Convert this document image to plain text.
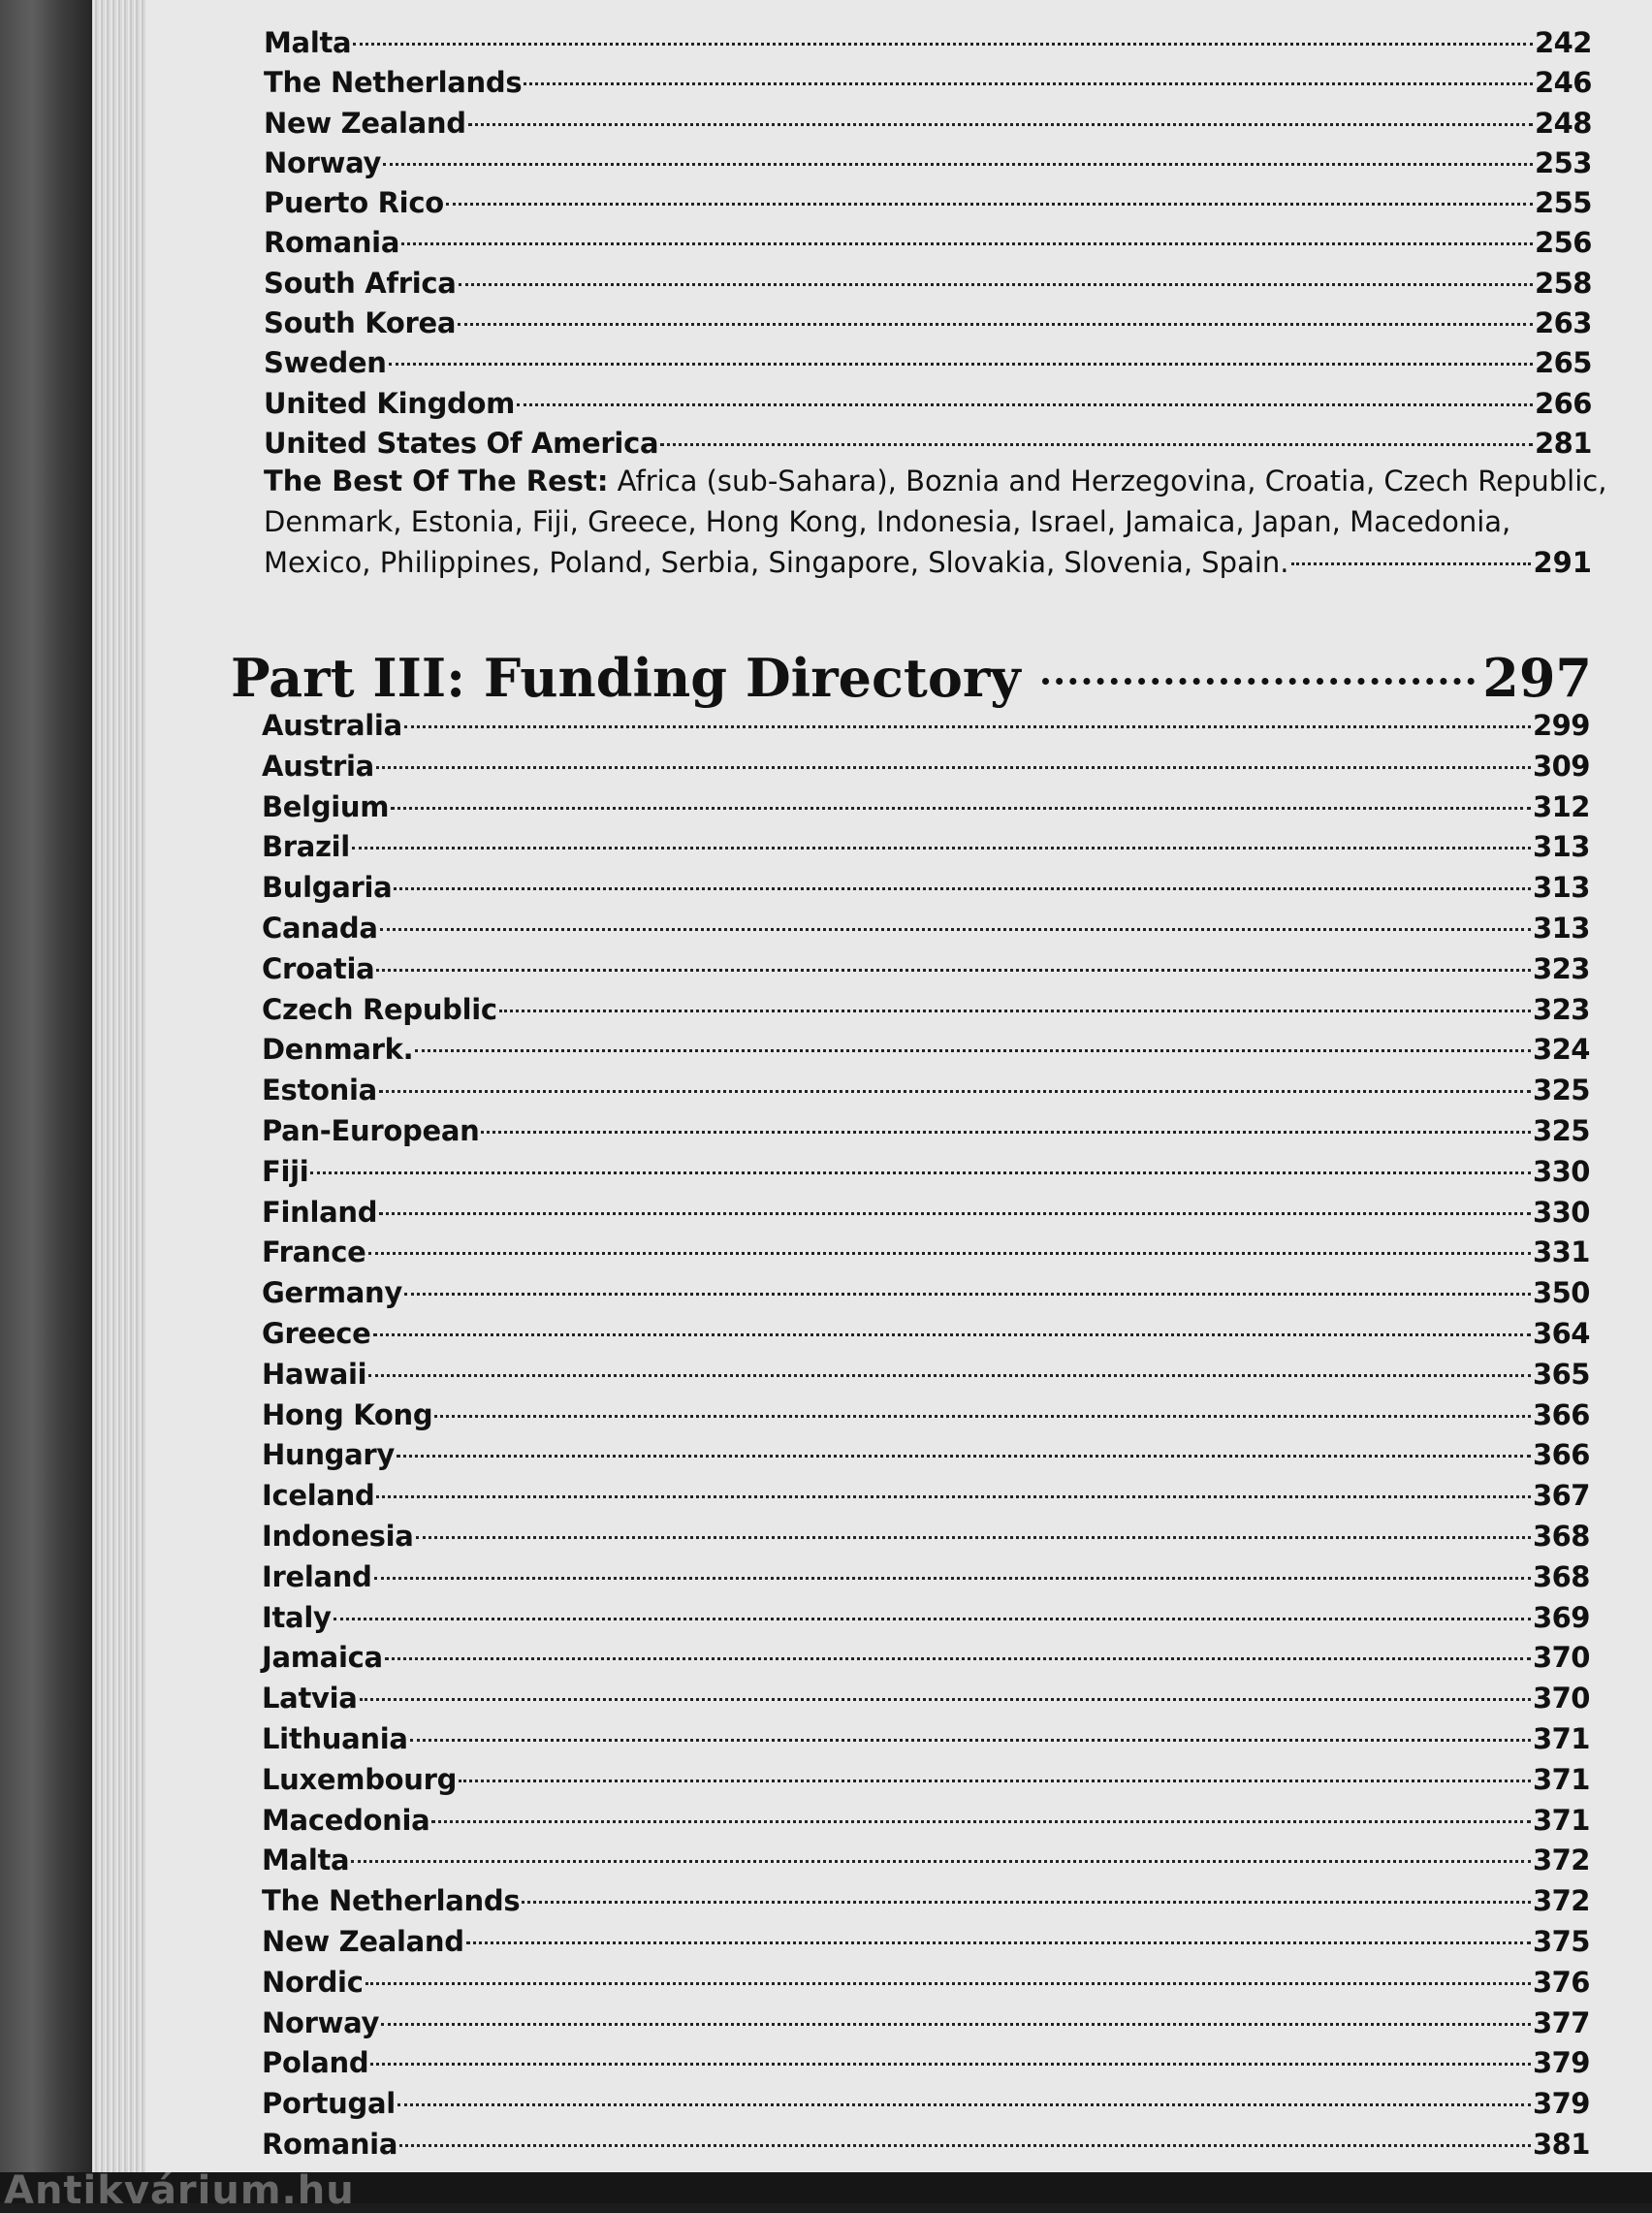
Malta	242
The Netherlands	246
New Zealand	248
Norway	253
Puerto Rico	255
Romania	256
South Africa	258
South Korea	263
Sweden	265
United Kingdom	266
United States Of America	281
The Best Of The Rest: Africa (sub-Sahara), Boznia and Herzegovina, Croatia, Czech Republic,
Denmark, Estonia, Fiji, Greece, Hong Kong, Indonesia, Israel, Jamaica, Japan, Macedonia,
Mexico, Philippines, Poland, Serbia, Singapore, Slovakia, Slovenia, Spain.	291
Part III: Funding Directory	297
Australia	299
Austria	309
Belgium	312
Brazil	313
Bulgaria	313
Canada	313
Croatia	323
Czech Republic	323
Denmark.	324
Estonia	325
Pan-European	325
Fiji	330
Finland	330
France	331
Germany	350
Greece	364
Hawaii	365
Hong Kong	366
Hungary	366
Iceland	367
Indonesia	368
Ireland	368
Italy	369
Jamaica	370
Latvia	370
Lithuania	371
Luxembourg	371
Macedonia	371
Malta	372
The Netherlands	372
New Zealand	375
Nordic	376
Norway	377
Poland	379
Portugal	379
Romania	381
Antikvárium.hu
